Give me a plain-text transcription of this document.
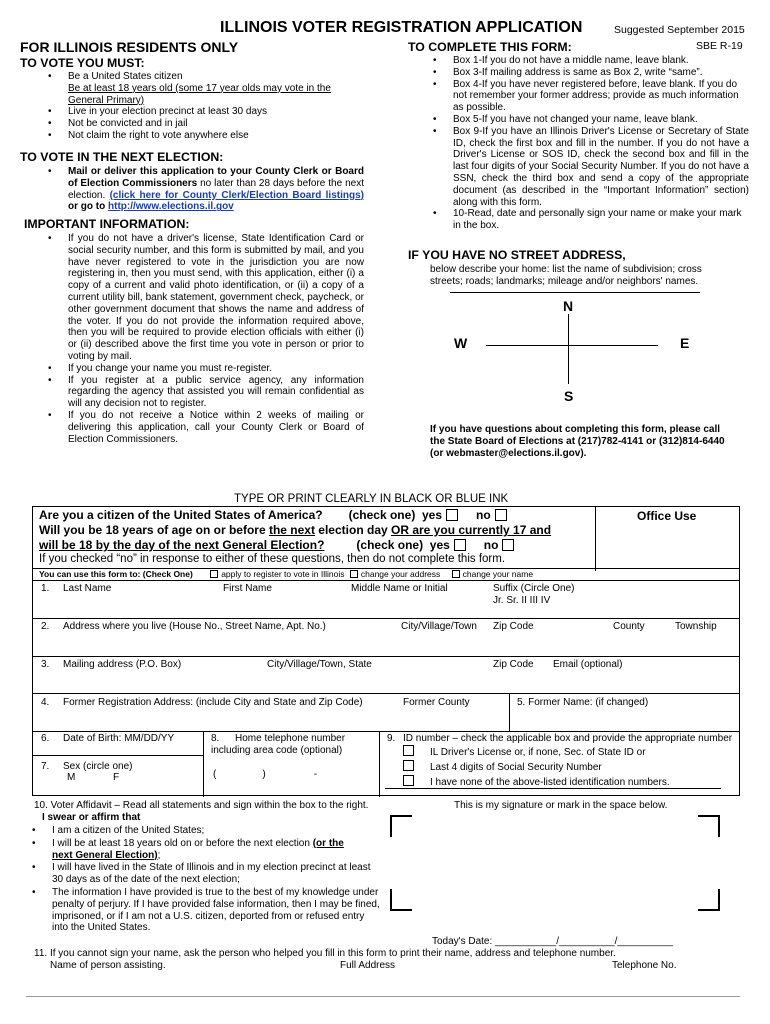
ILLINOIS VOTER REGISTRATION APPLICATION	Suggested September 2015
SBE R-19
FOR ILLINOIS RESIDENTS ONLY	TO COMPLETE THIS FORM:
TO VOTE YOU MUST:
• Be a United States citizen
Be at least 18 years old (some 17 year olds may vote in the
General Primary)
• Live in your election precinct at least 30 days
• Not be convicted and in jail
• Not claim the right to vote anywhere else
TO VOTE IN THE NEXT ELECTION:
• Mail or deliver this application to your County Clerk or Board of Election Commissioners no later than 28 days before the next election. (click here for County Clerk/Election Board listings) or go to http://www.elections.il.gov
IMPORTANT INFORMATION:
• If you do not have a driver's license, State Identification Card or social security number, and this form is submitted by mail, and you have never registered to vote in the jurisdiction you are now registering in, then you must send, with this application, either (i) a copy of a current and valid photo identification, or (ii) a copy of a current utility bill, bank statement, government check, paycheck, or other government document that shows the name and address of the voter. If you do not provide the information required above, then you will be required to provide election officials with either (i) or (ii) described above the first time you vote in person or prior to voting by mail.
• If you change your name you must re-register.
• If you register at a public service agency, any information regarding the agency that assisted you will remain confidential as will any decision not to register.
• If you do not receive a Notice within 2 weeks of mailing or delivering this application, call your County Clerk or Board of Election Commissioners.
• Box 1-If you do not have a middle name, leave blank.
• Box 3-If mailing address is same as Box 2, write “same”.
• Box 4-If you have never registered before, leave blank. If you do not remember your former address; provide as much information as possible.
• Box 5-If you have not changed your name, leave blank.
• Box 9-If you have an Illinois Driver's License or Secretary of State ID, check the first box and fill in the number. If you do not have a Driver's License or SOS ID, check the second box and fill in the last four digits of your Social Security Number. If you do not have a SSN, check the third box and send a copy of the appropriate document (as described in the “Important Information” section) along with this form.
• 10-Read, date and personally sign your name or make your mark in the box.
IF YOU HAVE NO STREET ADDRESS,
below describe your home: list the name of subdivision; cross streets; roads; landmarks; mileage and/or neighbors' names.
N
W	E
S
If you have questions about completing this form, please call
the State Board of Elections at (217)782-4141 or (312)814-6440
(or webmaster@elections.il.gov).
TYPE OR PRINT CLEARLY IN BLACK OR BLUE INK
Office Use
Are you a citizen of the United States of America? (check one) yes	no
Will you be 18 years of age on or before the next election day OR are you currently 17 and
will be 18 by the day of the next General Election?	(check one) yes	no
If you checked “no” in response to either of these questions, then do not complete this form.
You can use this form to: (Check One)	apply to register to vote in Illinois change your address	change your name
1. Last Name	First Name	Middle Name or Initial	Suffix (Circle One)
Jr. Sr. II III IV
2. Address where you live (House No., Street Name, Apt. No.)	City/Village/Town Zip Code	County	Township
3. Mailing address (P.O. Box)	City/Village/Town, State	Zip Code Email (optional)
4. Former Registration Address: (include City and State and Zip Code)	Former County	5. Former Name: (if changed)
6. Date of Birth: MM/DD/YY
7. Sex (circle one)
M	F
8. Home telephone number
including area code (optional)
(	)	-
9. ID number – check the applicable box and provide the appropriate number
IL Driver's License or, if none, Sec. of State ID or
Last 4 digits of Social Security Number
I have none of the above-listed identification numbers.
10. Voter Affidavit – Read all statements and sign within the box to the right.
I swear or affirm that
• I am a citizen of the United States;
• I will be at least 18 years old on or before the next election (or the
next General Election);
• I will have lived in the State of Illinois and in my election precinct at least 30 days as of the date of the next election;
• The information I have provided is true to the best of my knowledge under penalty of perjury. If I have provided false information, then I may be fined, imprisoned, or if I am not a U.S. citizen, deported from or refused entry into the United States.
This is my signature or mark in the space below.
Today's Date: ___________/__________/__________
11. If you cannot sign your name, ask the person who helped you fill in this form to print their name, address and telephone number.
Name of person assisting.	Full Address	Telephone No.
